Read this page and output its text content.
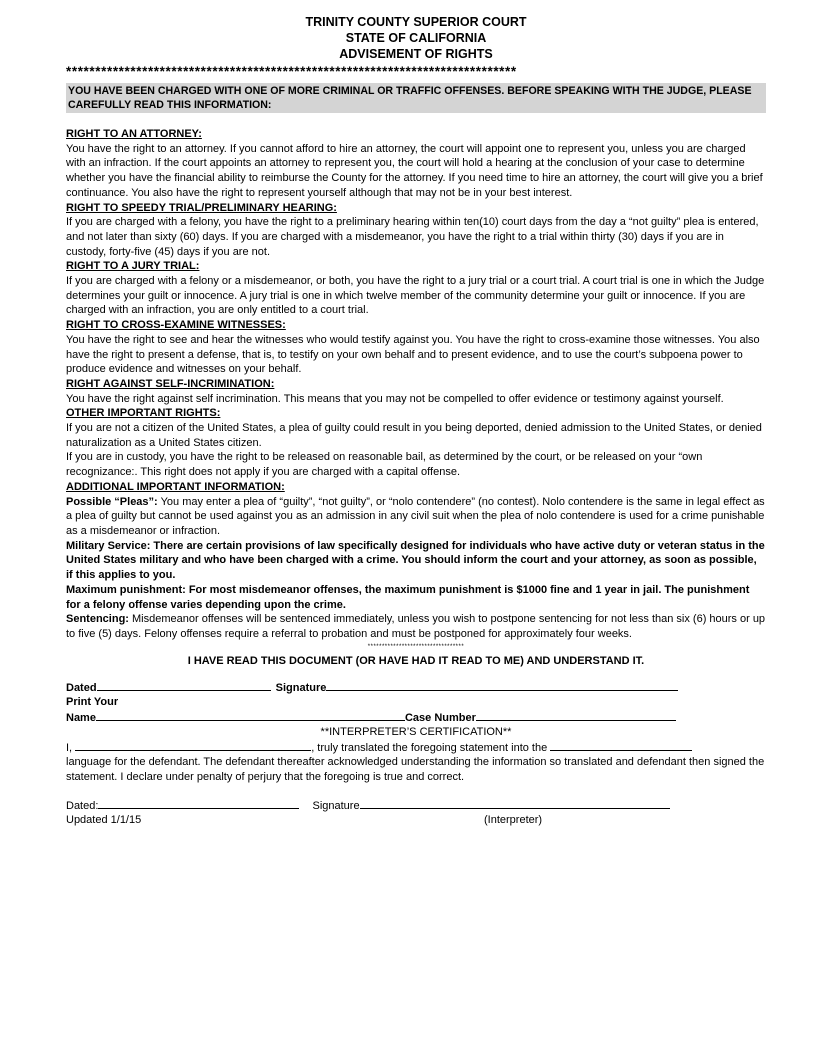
TRINITY COUNTY SUPERIOR COURT
STATE OF CALIFORNIA
ADVISEMENT OF RIGHTS
*****************************************************************************
YOU HAVE BEEN CHARGED WITH ONE OF MORE CRIMINAL OR TRAFFIC OFFENSES. BEFORE SPEAKING WITH THE JUDGE, PLEASE CAREFULLY READ THIS INFORMATION:
RIGHT TO AN ATTORNEY:

You have the right to an attorney. If you cannot afford to hire an attorney, the court will appoint one to represent you, unless you are charged with an infraction. If the court appoints an attorney to represent you, the court will hold a hearing at the conclusion of your case to determine whether you have the financial ability to reimburse the County for the attorney. If you need time to hire an attorney, the court will give you a brief continuance. You also have the right to represent yourself although that may not be in your best interest.

RIGHT TO SPEEDY TRIAL/PRELIMINARY HEARING:

If you are charged with a felony, you have the right to a preliminary hearing within ten(10) court days from the day a “not guilty” plea is entered, and not later than sixty (60) days. If you are charged with a misdemeanor, you have the right to a trial within thirty (30) days if you are in custody, forty-five (45) days if you are not.

RIGHT TO A JURY TRIAL:

If you are charged with a felony or a misdemeanor, or both, you have the right to a jury trial or a court trial. A court trial is one in which the Judge determines your guilt or innocence. A jury trial is one in which twelve member of the community determine your guilt or innocence. If you are charged with an infraction, you are only entitled to a court trial.

RIGHT TO CROSS-EXAMINE WITNESSES:

You have the right to see and hear the witnesses who would testify against you. You have the right to cross-examine those witnesses. You also have the right to present a defense, that is, to testify on your own behalf and to present evidence, and to use the court’s subpoena power to produce evidence and witnesses on your behalf.

RIGHT AGAINST SELF-INCRIMINATION:

You have the right against self incrimination. This means that you may not be compelled to offer evidence or testimony against yourself.

OTHER IMPORTANT RIGHTS:

If you are not a citizen of the United States, a plea of guilty could result in you being deported, denied admission to the United States, or denied naturalization as a United States citizen.

If you are in custody, you have the right to be released on reasonable bail, as determined by the court, or be released on your “own recognizance:. This right does not apply if you are charged with a capital offense.

ADDITIONAL IMPORTANT INFORMATION:

Possible “Pleas”: You may enter a plea of “guilty”, “not guilty”, or “nolo contendere” (no contest). Nolo contendere is the same in legal effect as a plea of guilty but cannot be used against you as an admission in any civil suit when the plea of nolo contendere is used for a crime punishable as a misdemeanor or infraction.

Military Service: There are certain provisions of law specifically designed for individuals who have active duty or veteran status in the United States military and who have been charged with a crime. You should inform the court and your attorney, as soon as possible, if this applies to you.

Maximum punishment: For most misdemeanor offenses, the maximum punishment is $1000 fine and 1 year in jail. The punishment for a felony offense varies depending upon the crime.

Sentencing: Misdemeanor offenses will be sentenced immediately, unless you wish to postpone sentencing for not less than six (6) hours or up to five (5) days. Felony offenses require a referral to probation and must be postponed for approximately four weeks.

**********************************
I HAVE READ THIS DOCUMENT (OR HAVE HAD IT READ TO ME) AND UNDERSTAND IT.
Dated	Signature
Print Your
Name	Case Number
**INTERPRETER’S CERTIFICATION**
I,	, truly translated the foregoing statement into the

language for the defendant. The defendant thereafter acknowledged understanding the information so translated and defendant then signed the statement. I declare under penalty of perjury that the foregoing is true and correct.

Dated:	Signature
Updated 1/1/15	(Interpreter)
